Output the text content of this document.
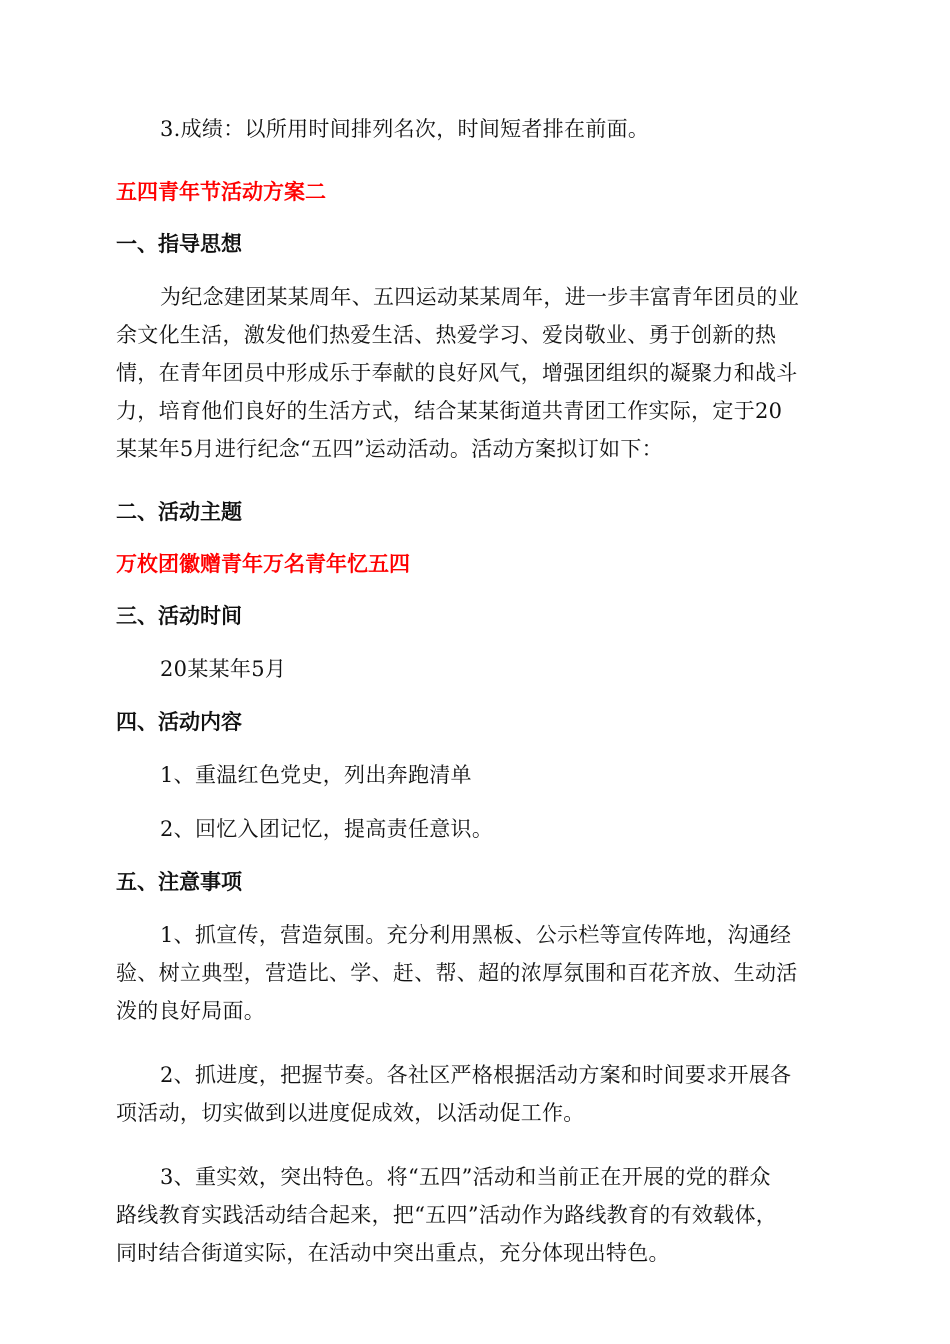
3.成绩：以所用时间排列名次，时间短者排在前面。

五四青年节活动方案二
一、指导思想

为纪念建团某某周年、五四运动某某周年，进一步丰富青年团员的业
余文化生活，激发他们热爱生活、热爱学习、爱岗敬业、勇于创新的热
情，在青年团员中形成乐于奉献的良好风气，增强团组织的凝聚力和战斗
力，培育他们良好的生活方式，结合某某街道共青团工作实际，定于20
某某年5月进行纪念“五四”运动活动。活动方案拟订如下：

二、活动主题
万枚团徽赠青年万名青年忆五四
三、活动时间

20某某年5月

四、活动内容

1、重温红色党史，列出奔跑清单

2、回忆入团记忆，提高责任意识。

五、注意事项

1、抓宣传，营造氛围。充分利用黑板、公示栏等宣传阵地，沟通经
验、树立典型，营造比、学、赶、帮、超的浓厚氛围和百花齐放、生动活
泼的良好局面。

2、抓进度，把握节奏。各社区严格根据活动方案和时间要求开展各
项活动，切实做到以进度促成效，以活动促工作。

3、重实效，突出特色。将“五四”活动和当前正在开展的党的群众
路线教育实践活动结合起来，把“五四”活动作为路线教育的有效载体，
同时结合街道实际，在活动中突出重点，充分体现出特色。
